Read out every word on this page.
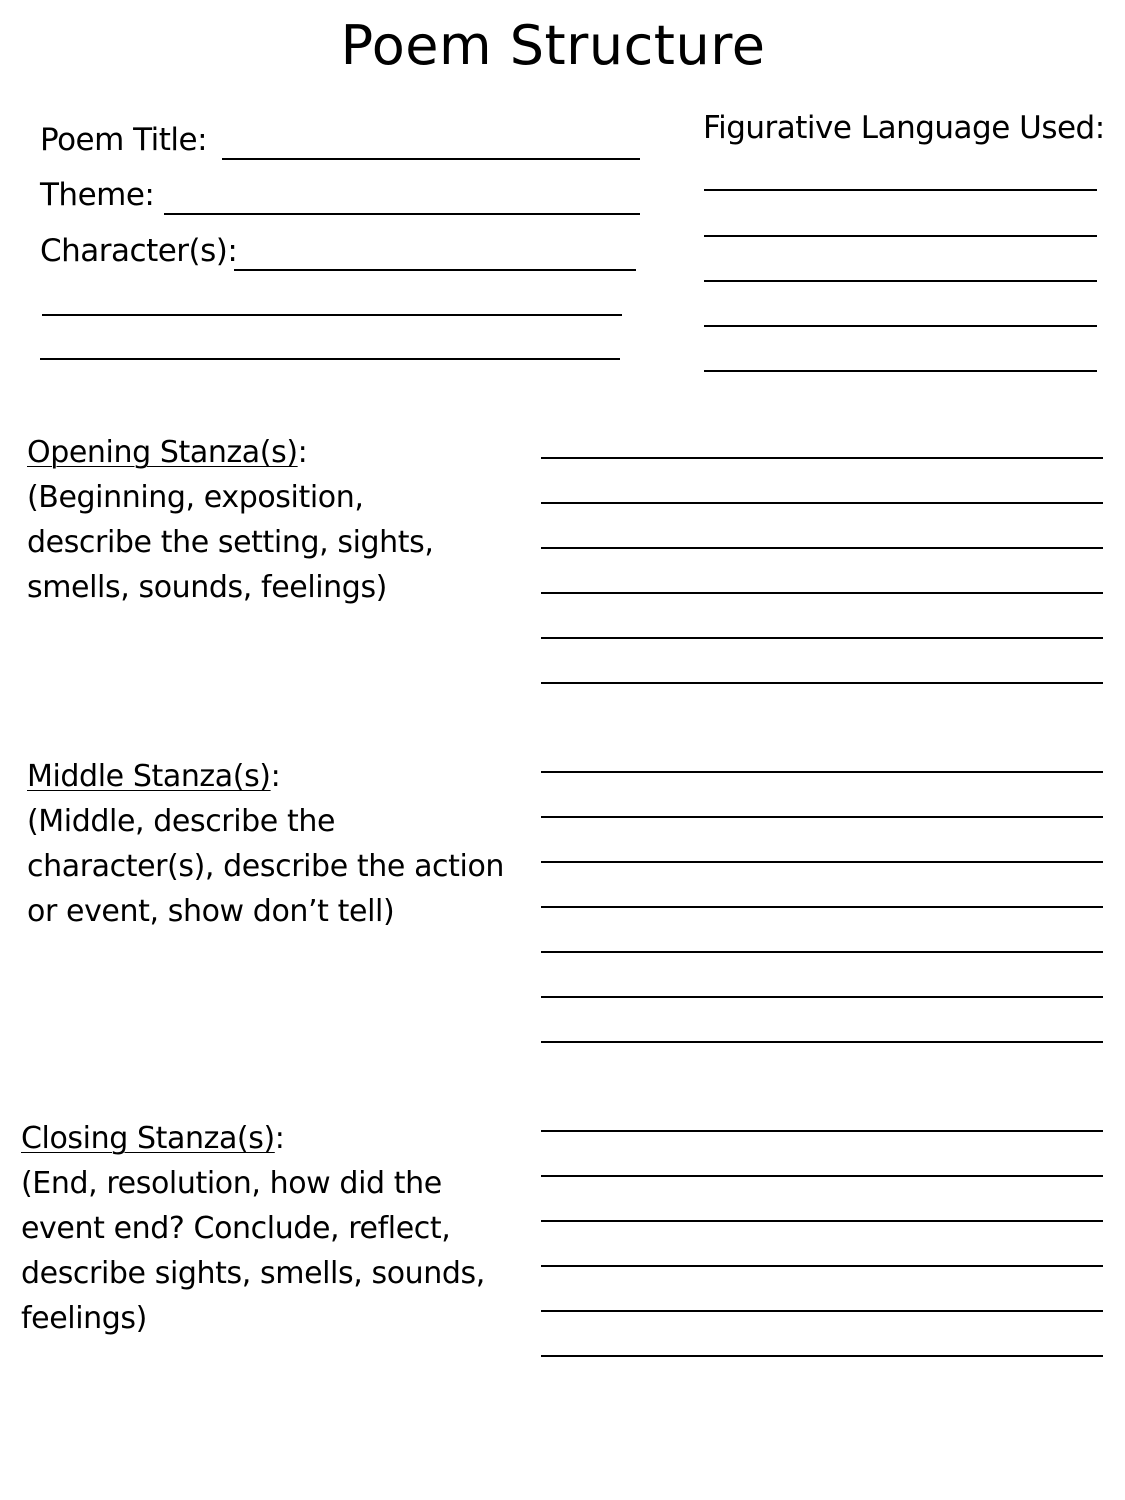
Poem Structure
Poem Title:
Theme:
Character(s):
Figurative Language Used:
Opening Stanza(s):
(Beginning, exposition,
describe the setting, sights,
smells, sounds, feelings)
Middle Stanza(s):
(Middle, describe the
character(s), describe the action
or event, show don’t tell)
Closing Stanza(s):
(End, resolution, how did the
event end? Conclude, reflect,
describe sights, smells, sounds,
feelings)
